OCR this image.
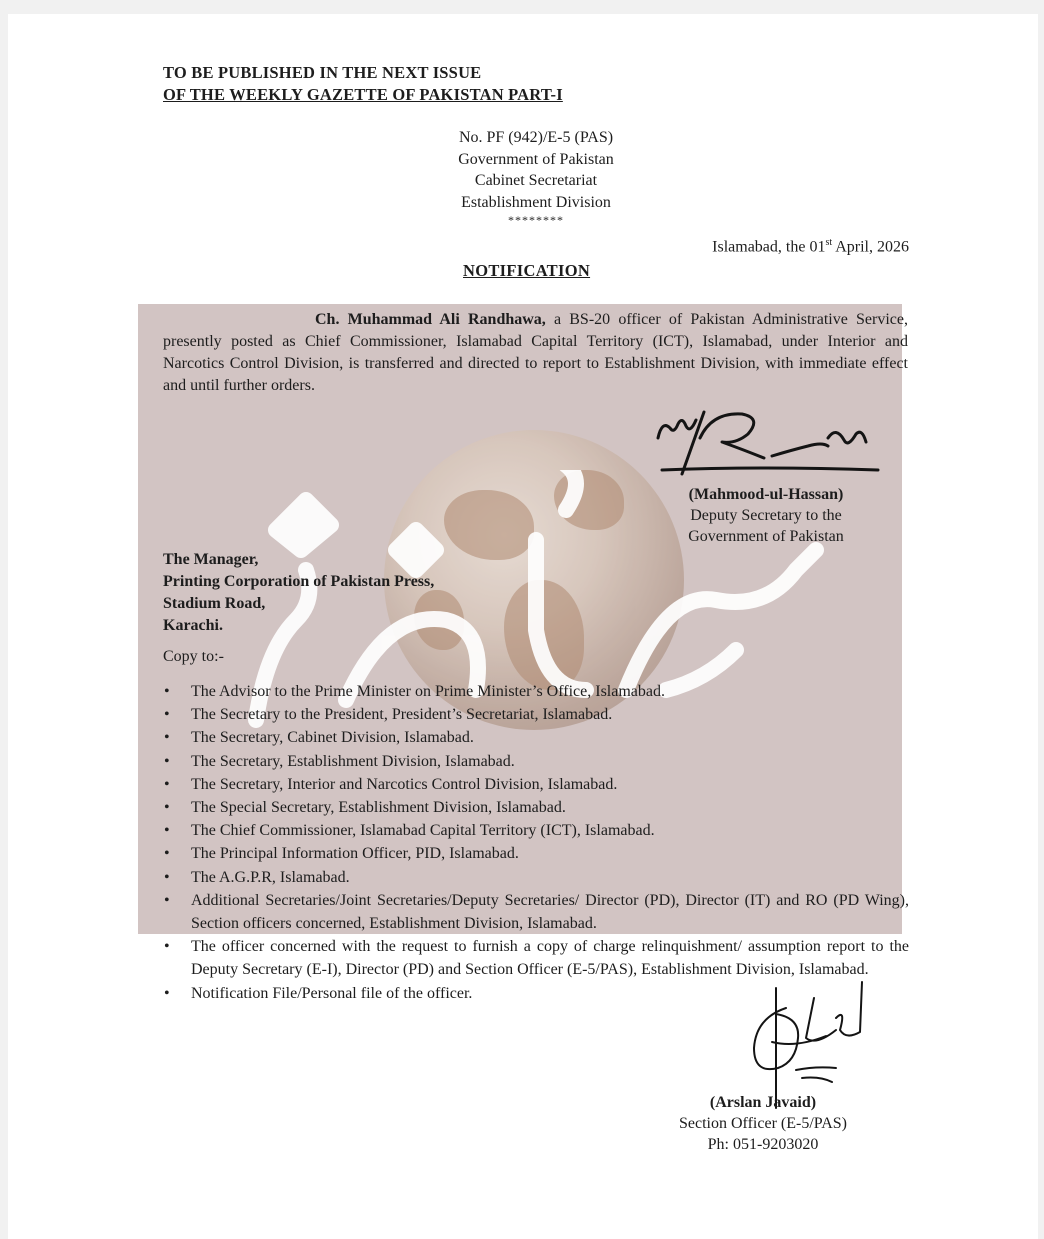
TO BE PUBLISHED IN THE NEXT ISSUE
OF THE WEEKLY GAZETTE OF PAKISTAN PART-I
No. PF (942)/E-5 (PAS)
Government of Pakistan
Cabinet Secretariat
Establishment Division
********
Islamabad, the 01st April, 2026
NOTIFICATION
Ch. Muhammad Ali Randhawa, a BS-20 officer of Pakistan Administrative Service, presently posted as Chief Commissioner, Islamabad Capital Territory (ICT), Islamabad, under Interior and Narcotics Control Division, is transferred and directed to report to Establishment Division, with immediate effect and until further orders.
(Mahmood-ul-Hassan)
Deputy Secretary to the
Government of Pakistan
The Manager,
Printing Corporation of Pakistan Press,
Stadium Road,
Karachi.
Copy to:-
• The Advisor to the Prime Minister on Prime Minister’s Office, Islamabad.
• The Secretary to the President, President’s Secretariat, Islamabad.
• The Secretary, Cabinet Division, Islamabad.
• The Secretary, Establishment Division, Islamabad.
• The Secretary, Interior and Narcotics Control Division, Islamabad.
• The Special Secretary, Establishment Division, Islamabad.
• The Chief Commissioner, Islamabad Capital Territory (ICT), Islamabad.
• The Principal Information Officer, PID, Islamabad.
• The A.G.P.R, Islamabad.
• Additional Secretaries/Joint Secretaries/Deputy Secretaries/ Director (PD), Director (IT) and RO (PD Wing), Section officers concerned, Establishment Division, Islamabad.
• The officer concerned with the request to furnish a copy of charge relinquishment/ assumption report to the Deputy Secretary (E-I), Director (PD) and Section Officer (E-5/PAS), Establishment Division, Islamabad.
• Notification File/Personal file of the officer.
(Arslan Javaid)
Section Officer (E-5/PAS)
Ph: 051-9203020
